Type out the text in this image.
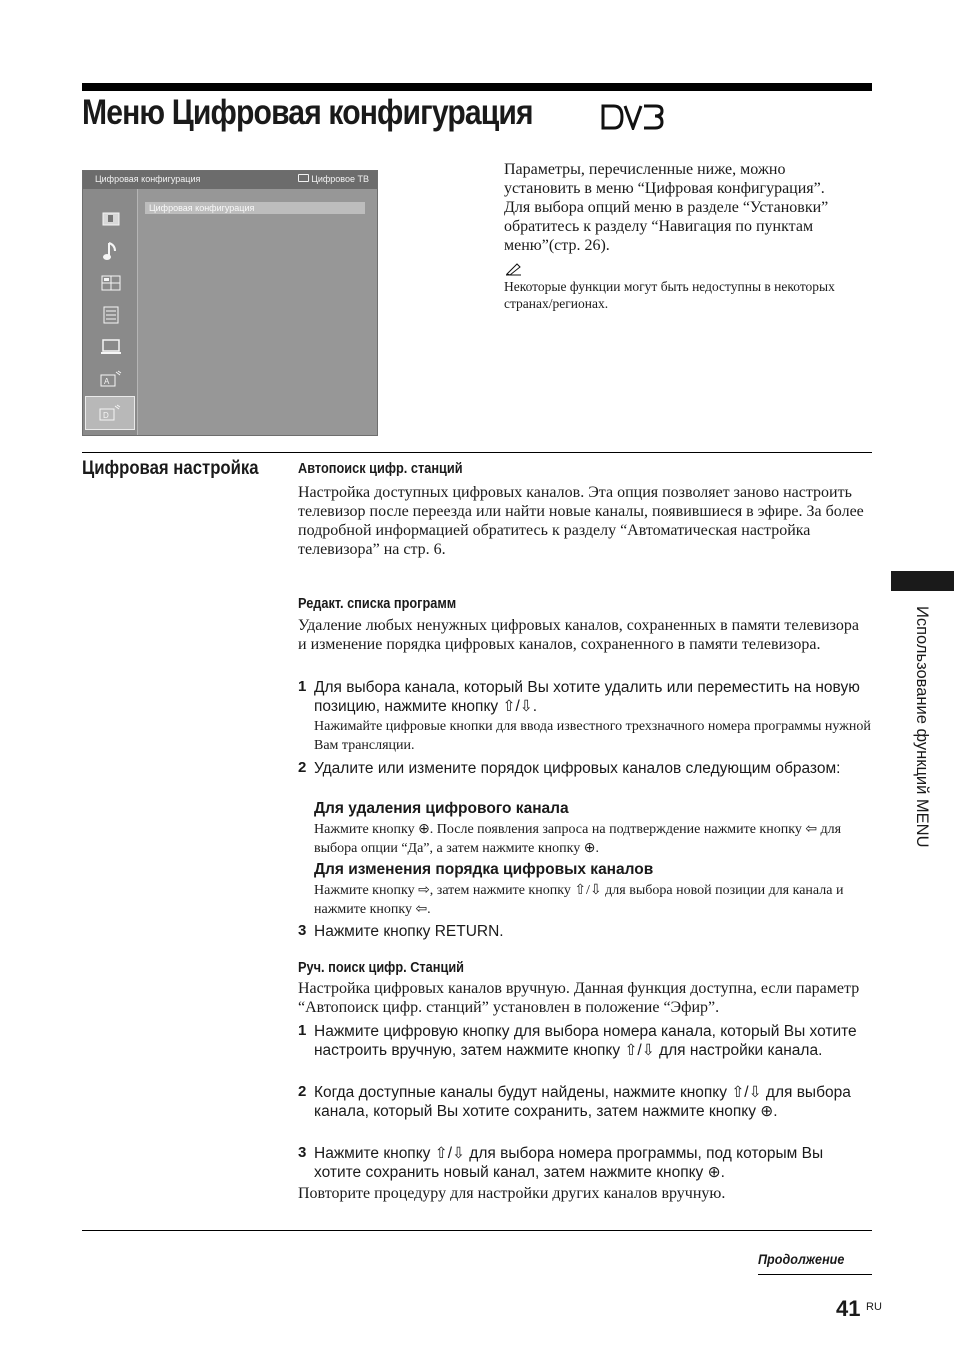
Меню Цифровая конфигурация
Цифровая конфигурация	Цифровое ТВ
A
D
Цифровая конфигурация
Параметры, перечисленные ниже, можно установить в меню “Цифровая конфигурация”. Для выбора опций меню в разделе “Установки” обратитесь к разделу “Навигация по пунктам меню”(стр. 26).
Некоторые функции могут быть недоступны в некоторых странах/регионах.
Цифровая настройка	Автопоиск цифр. станций
Настройка доступных цифровых каналов. Эта опция позволяет заново настроить телевизор после переезда или найти новые каналы, появившиеся в эфире. За более подробной информацией обратитесь к разделу “Автоматическая настройка телевизора” на стр. 6.
Редакт. списка программ
Удаление любых ненужных цифровых каналов, сохраненных в памяти телевизора и изменение порядка цифровых каналов, сохраненного в памяти телевизора.
1 Для выбора канала, который Вы хотите удалить или переместить на новую позицию, нажмите кнопку ⇧/⇩.
Нажимайте цифровые кнопки для ввода известного трехзначного номера программы нужной Вам трансляции.
2 Удалите или измените порядок цифровых каналов следующим образом:
Для удаления цифрового канала
Нажмите кнопку ⊕. После появления запроса на подтверждение нажмите кнопку ⇦ для выбора опции “Да”, а затем нажмите кнопку ⊕.
Для изменения порядка цифровых каналов
Нажмите кнопку ⇨, затем нажмите кнопку ⇧/⇩ для выбора новой позиции для канала и нажмите кнопку ⇦.
3 Нажмите кнопку RETURN.
Руч. поиск цифр. Станций
Настройка цифровых каналов вручную. Данная функция доступна, если параметр “Автопоиск цифр. станций” установлен в положение “Эфир”.
1 Нажмите цифровую кнопку для выбора номера канала, который Вы хотите настроить вручную, затем нажмите кнопку ⇧/⇩ для настройки канала.
2 Когда доступные каналы будут найдены, нажмите кнопку ⇧/⇩ для выбора канала, который Вы хотите сохранить, затем нажмите кнопку ⊕.
3 Нажмите кнопку ⇧/⇩ для выбора номера программы, под которым Вы хотите сохранить новый канал, затем нажмите кнопку ⊕.
Повторите процедуру для настройки других каналов вручную.
Продолжение
41 RU
Использование функций MENU
